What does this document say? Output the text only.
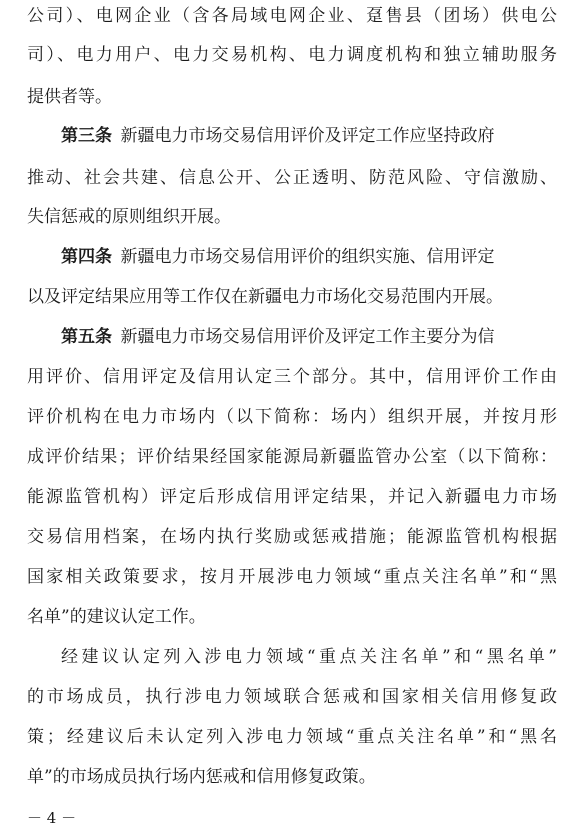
公司）、电网企业（含各局域电网企业、趸售县（团场）供电公
司）、电力用户、电力交易机构、电力调度机构和独立辅助服务
提供者等。
第三条  新疆电力市场交易信用评价及评定工作应坚持政府
推动、社会共建、信息公开、公正透明、防范风险、守信激励、
失信惩戒的原则组织开展。
第四条  新疆电力市场交易信用评价的组织实施、信用评定
以及评定结果应用等工作仅在新疆电力市场化交易范围内开展。
第五条  新疆电力市场交易信用评价及评定工作主要分为信
用评价、信用评定及信用认定三个部分。其中，信用评价工作由
评价机构在电力市场内（以下简称：场内）组织开展，并按月形
成评价结果；评价结果经国家能源局新疆监管办公室（以下简称：
能源监管机构）评定后形成信用评定结果，并记入新疆电力市场
交易信用档案，在场内执行奖励或惩戒措施；能源监管机构根据
国家相关政策要求，按月开展涉电力领域“重点关注名单”和“黑
名单”的建议认定工作。
经建议认定列入涉电力领域“重点关注名单”和“黑名单”
的市场成员，执行涉电力领域联合惩戒和国家相关信用修复政
策；经建议后未认定列入涉电力领域“重点关注名单”和“黑名
单”的市场成员执行场内惩戒和信用修复政策。
－ 4 －
